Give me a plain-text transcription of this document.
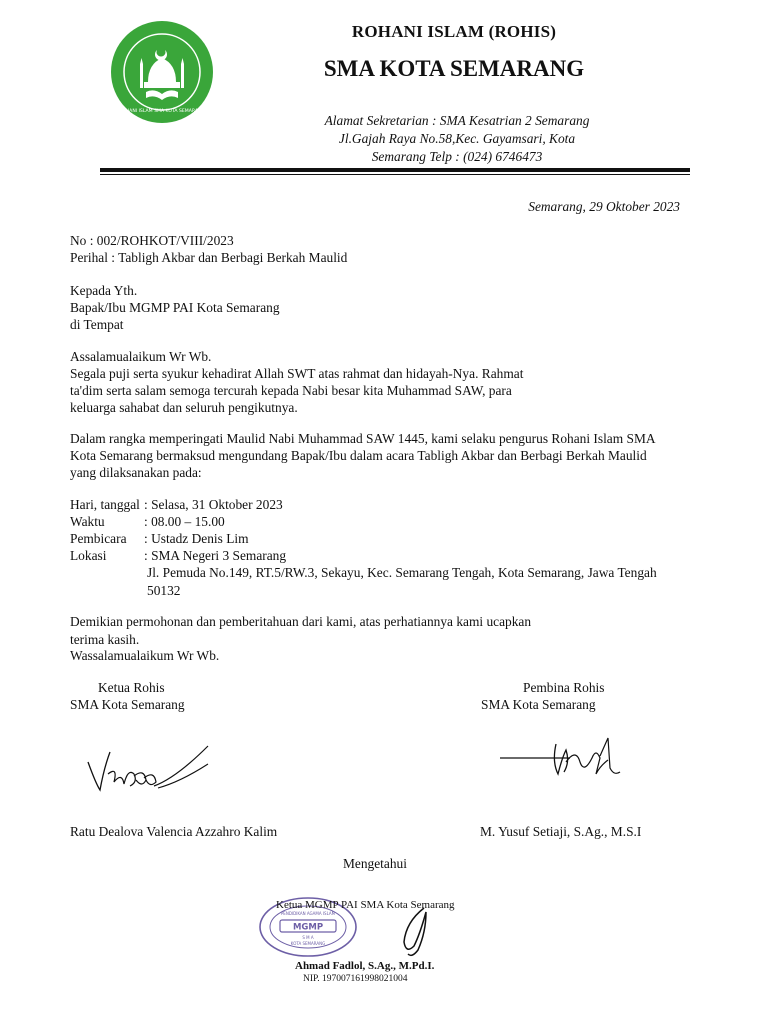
ROHANI ISLAM SMA KOTA SEMARANG
ROHANI ISLAM (ROHIS)
SMA KOTA SEMARANG
Alamat Sekretarian : SMA Kesatrian 2 Semarang
Jl.Gajah Raya No.58,Kec. Gayamsari, Kota
Semarang Telp : (024) 6746473
Semarang, 29 Oktober 2023
No : 002/ROHKOT/VIII/2023
Perihal : Tabligh Akbar dan Berbagi Berkah Maulid
Kepada Yth.
Bapak/Ibu MGMP PAI Kota Semarang
di Tempat
Assalamualaikum Wr Wb.
Segala puji serta syukur kehadirat Allah SWT atas rahmat dan hidayah-Nya. Rahmat
ta'dim serta salam semoga tercurah kepada Nabi besar kita Muhammad SAW, para
keluarga sahabat dan seluruh pengikutnya.
Dalam rangka memperingati Maulid Nabi Muhammad SAW 1445, kami selaku pengurus Rohani Islam SMA
Kota Semarang bermaksud mengundang Bapak/Ibu dalam acara Tabligh Akbar dan Berbagi Berkah Maulid
yang dilaksanakan pada:
Hari, tanggal : Selasa, 31 Oktober 2023
Waktu	: 08.00 – 15.00
Pembicara : Ustadz Denis Lim
Lokasi	: SMA Negeri 3 Semarang
Jl. Pemuda No.149, RT.5/RW.3, Sekayu, Kec. Semarang Tengah, Kota Semarang, Jawa Tengah
50132
Demikian permohonan dan pemberitahuan dari kami, atas perhatiannya kami ucapkan
terima kasih.
Wassalamualaikum Wr Wb.
Ketua Rohis
SMA Kota Semarang
Pembina Rohis
SMA Kota Semarang
Ratu Dealova Valencia Azzahro Kalim	M. Yusuf Setiaji, S.Ag., M.S.I
Mengetahui
MGMP
PENDIDIKAN AGAMA ISLAM
S M A
KOTA SEMARANG
Ketua MGMP PAI SMA Kota Semarang
Ahmad Fadlol, S.Ag., M.Pd.I.
NIP. 197007161998021004
